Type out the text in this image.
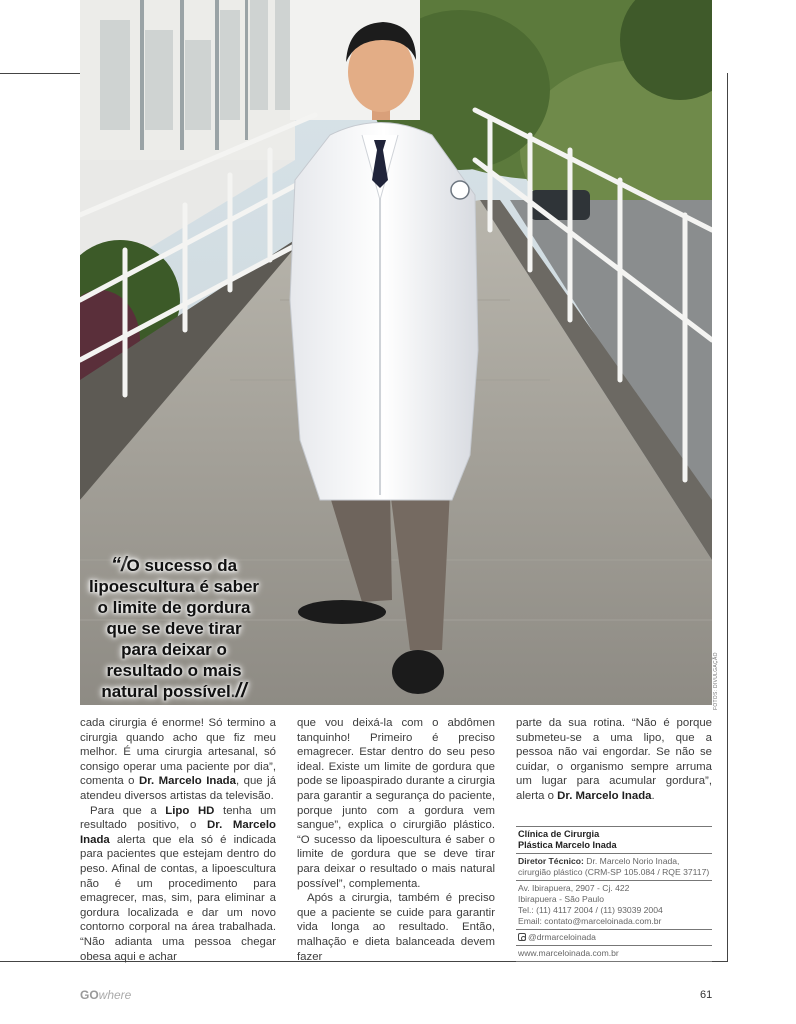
“/O sucesso da
lipoescultura é saber
o limite de gordura
que se deve tirar
para deixar o
resultado o mais
natural possível.//	FOTOS: DIVULGAÇÃO

cada cirurgia é enorme! Só termino a cirurgia quando acho que fiz meu melhor. É uma cirurgia artesanal, só consigo operar uma paciente por dia”, comenta o Dr. Marcelo Inada, que já atendeu diversos artistas da televisão.

Para que a Lipo HD tenha um resultado positivo, o Dr. Marcelo Inada alerta que ela só é indicada para pacientes que estejam dentro do peso. Afinal de contas, a lipoescultura não é um procedimento para emagrecer, mas, sim, para eliminar a gordura localizada e dar um novo contorno corporal na área trabalhada. “Não adianta uma pessoa chegar obesa aqui e achar

que vou deixá-la com o abdômen tanquinho! Primeiro é preciso emagrecer. Estar dentro do seu peso ideal. Existe um limite de gordura que pode se lipoaspirado durante a cirurgia para garantir a segurança do paciente, porque junto com a gordura vem sangue”, explica o cirurgião plástico. “O sucesso da lipoescultura é saber o limite de gordura que se deve tirar para deixar o resultado o mais natural possível”, complementa.

Após a cirurgia, também é preciso que a paciente se cuide para garantir vida longa ao resultado. Então, malhação e dieta balanceada devem fazer

parte da sua rotina. “Não é porque submeteu-se a uma lipo, que a pessoa não vai engordar. Se não se cuidar, o organismo sempre arruma um lugar para acumular gordura”, alerta o Dr. Marcelo Inada.

Clínica de Cirurgia
Plástica Marcelo Inada
Diretor Técnico: Dr. Marcelo Norio Inada,
cirurgião plástico (CRM-SP 105.084 / RQE 37117)
Av. Ibirapuera, 2907 - Cj. 422
Ibirapuera - São Paulo
Tel.: (11) 4117 2004 / (11) 93039 2004
Email: contato@marceloinada.com.br
@drmarceloinada
www.marceloinada.com.br
GOwhere	61
